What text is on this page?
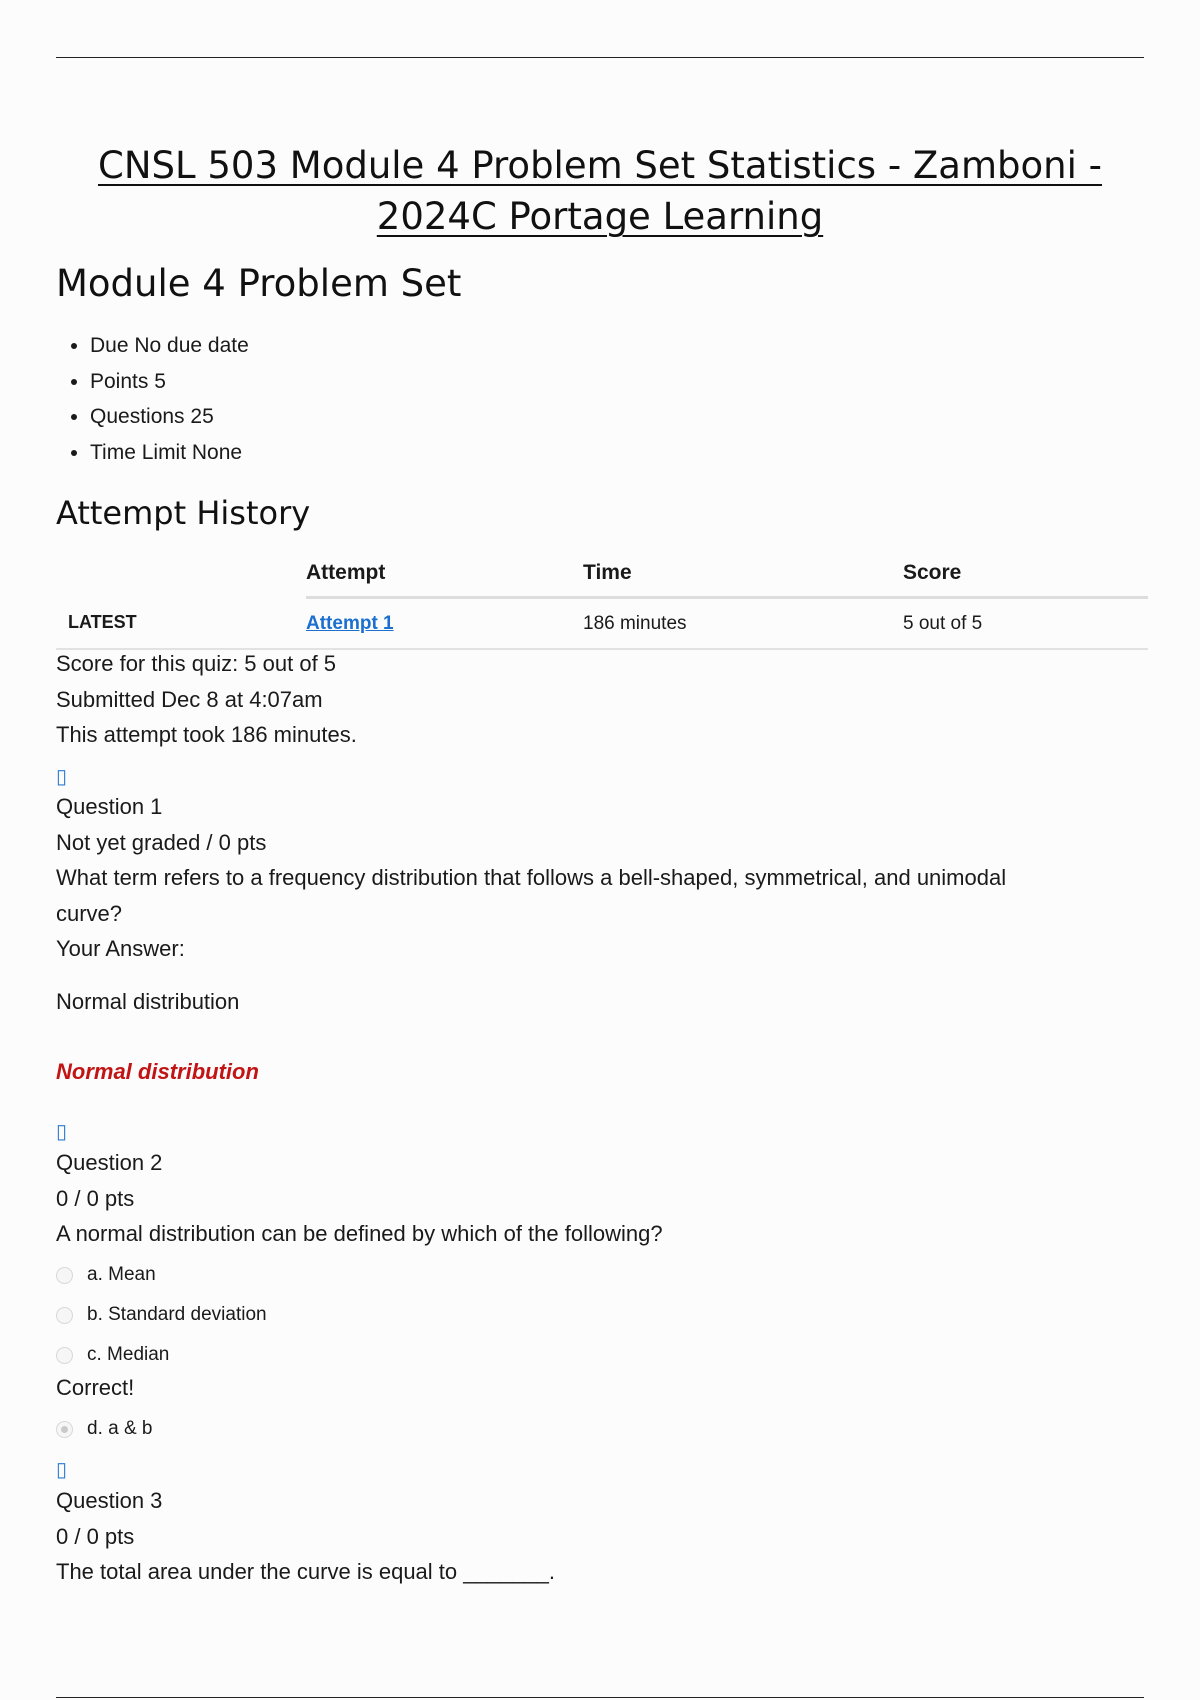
CNSL 503 Module 4 Problem Set Statistics - Zamboni -
2024C Portage Learning
Module 4 Problem Set
• Due No due date
• Points 5
• Questions 25
• Time Limit None
Attempt History
	Attempt	Time	Score
LATEST	Attempt 1	186 minutes	5 out of 5
Score for this quiz: 5 out of 5
Submitted Dec 8 at 4:07am
This attempt took 186 minutes.
▯
Question 1
Not yet graded / 0 pts
What term refers to a frequency distribution that follows a bell-shaped, symmetrical, and unimodal
curve?
Your Answer:
Normal distribution
Normal distribution
▯
Question 2
0 / 0 pts
A normal distribution can be defined by which of the following?
a. Mean
b. Standard deviation
c. Median
Correct!
d. a & b
▯
Question 3
0 / 0 pts
The total area under the curve is equal to _______.
